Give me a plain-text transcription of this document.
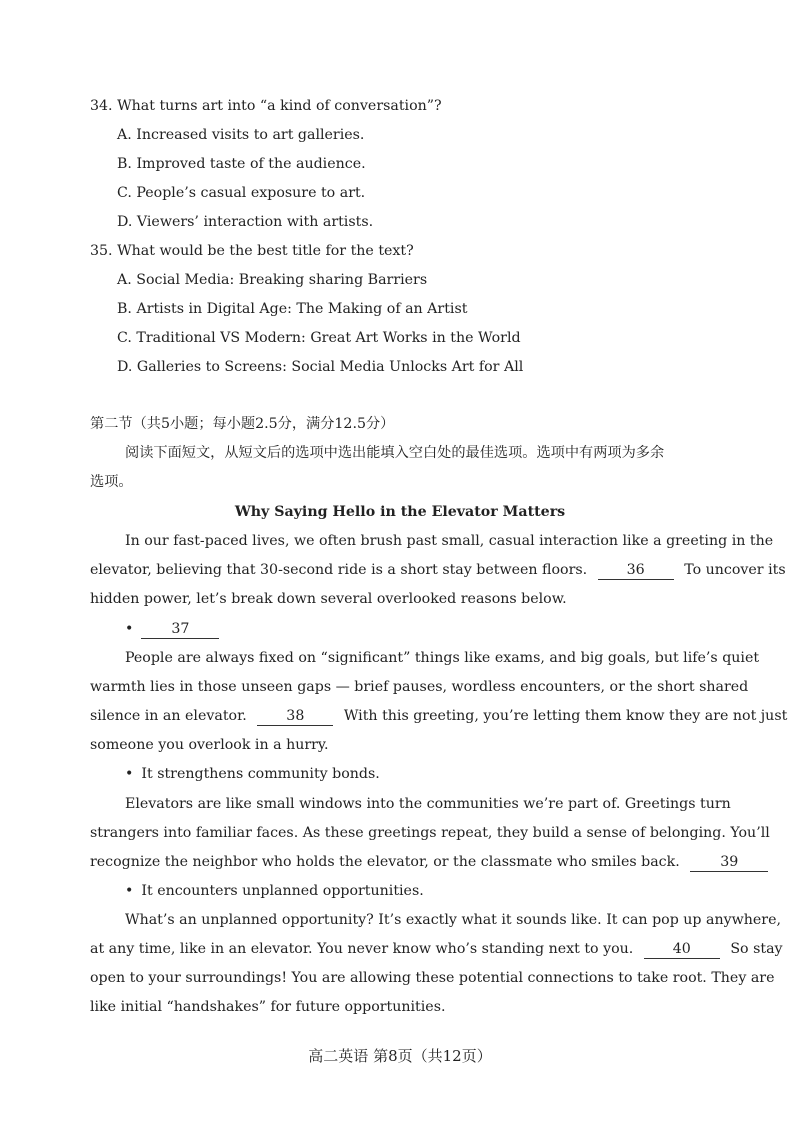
34. What turns art into “a kind of conversation”?
A. Increased visits to art galleries.
B. Improved taste of the audience.
C. People’s casual exposure to art.
D. Viewers’ interaction with artists.
35. What would be the best title for the text?
A. Social Media: Breaking sharing Barriers
B. Artists in Digital Age: The Making of an Artist
C. Traditional VS Modern: Great Art Works in the World
D. Galleries to Screens: Social Media Unlocks Art for All
第二节（共5小题；每小题2.5分，满分12.5分）
阅读下面短文，从短文后的选项中选出能填入空白处的最佳选项。选项中有两项为多余
选项。
Why Saying Hello in the Elevator Matters
In our fast-paced lives, we often brush past small, casual interaction like a greeting in the
elevator, believing that 30-second ride is a short stay between floors.	36	To uncover its
hidden power, let’s break down several overlooked reasons below.
•	37
People are always fixed on “significant” things like exams, and big goals, but life’s quiet
warmth lies in those unseen gaps — brief pauses, wordless encounters, or the short shared
silence in an elevator.	38	With this greeting, you’re letting them know they are not just
someone you overlook in a hurry.
• It strengthens community bonds.
Elevators are like small windows into the communities we’re part of. Greetings turn
strangers into familiar faces. As these greetings repeat, they build a sense of belonging. You’ll
recognize the neighbor who holds the elevator, or the classmate who smiles back.	39
• It encounters unplanned opportunities.
What’s an unplanned opportunity? It’s exactly what it sounds like. It can pop up anywhere,
at any time, like in an elevator. You never know who’s standing next to you.	40	So stay
open to your surroundings! You are allowing these potential connections to take root. They are
like initial “handshakes” for future opportunities.
高二英语 第8页（共12页）
